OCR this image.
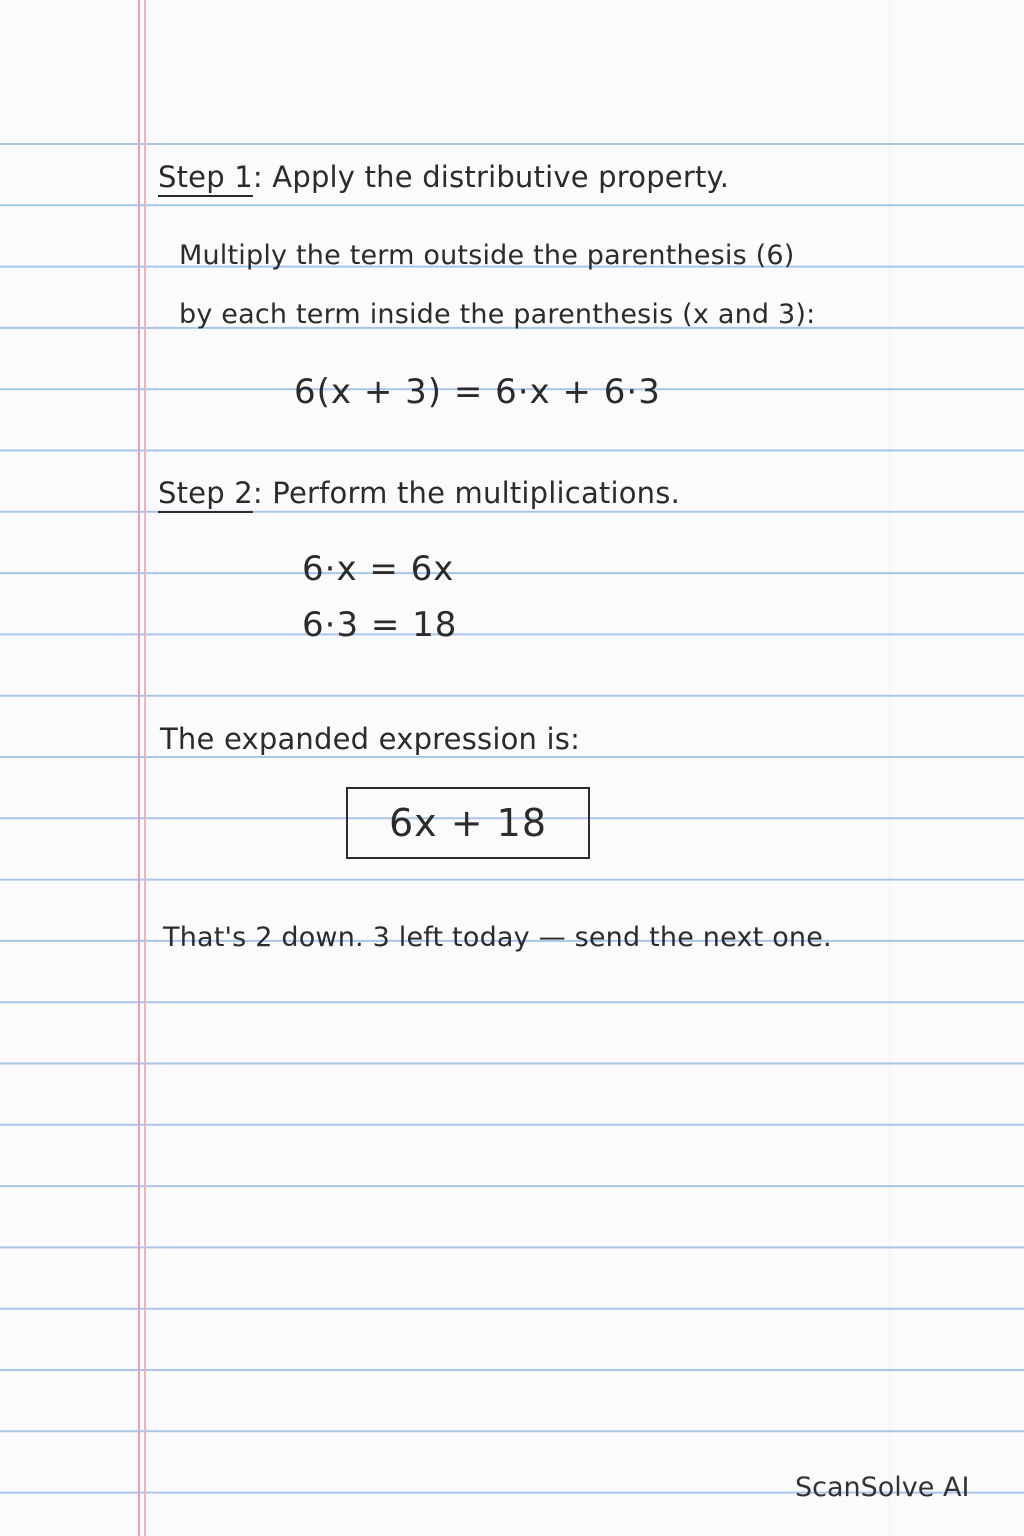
Step 1: Apply the distributive property.
Multiply the term outside the parenthesis (6)
by each term inside the parenthesis (x and 3):
6(x + 3) = 6·x + 6·3
Step 2: Perform the multiplications.
6·x = 6x
6·3 = 18
The expanded expression is:
6x + 18
That's 2 down. 3 left today — send the next one.
ScanSolve AI
